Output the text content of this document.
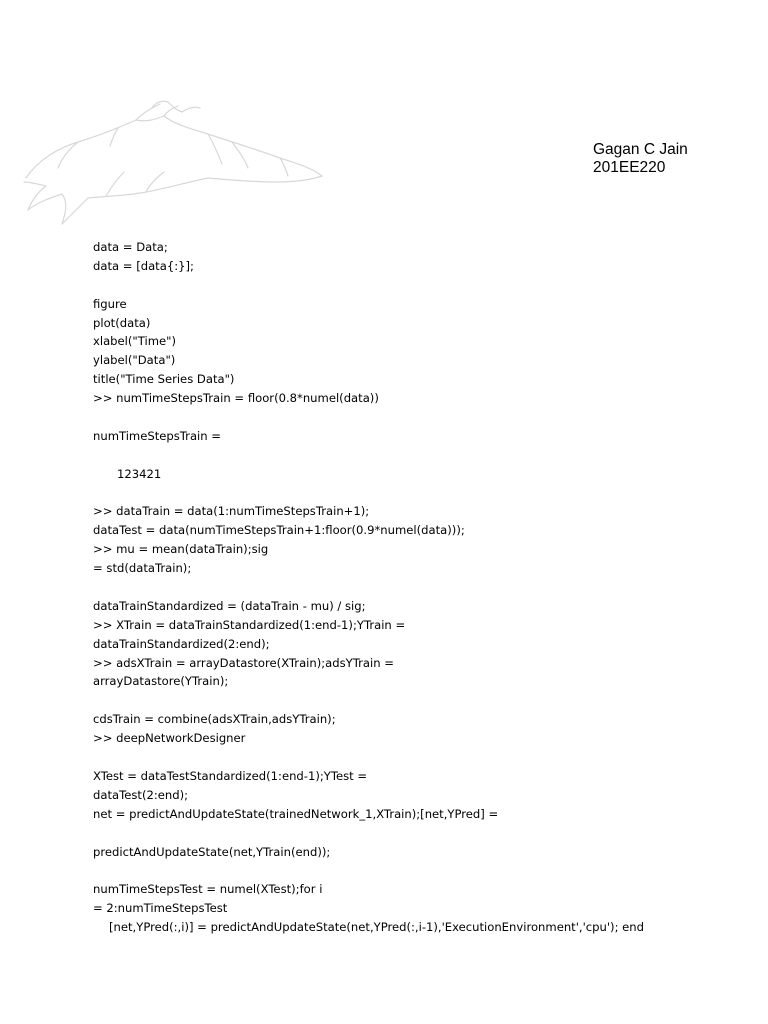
Gagan C Jain
201EE220
data = Data;
data = [data{:}];
figure
plot(data)
xlabel("Time")
ylabel("Data")
title("Time Series Data")
>> numTimeStepsTrain = floor(0.8*numel(data))
numTimeStepsTrain =
123421
>> dataTrain = data(1:numTimeStepsTrain+1);
dataTest = data(numTimeStepsTrain+1:floor(0.9*numel(data)));
>> mu = mean(dataTrain);sig
= std(dataTrain);
dataTrainStandardized = (dataTrain - mu) / sig;
>> XTrain = dataTrainStandardized(1:end-1);YTrain =
dataTrainStandardized(2:end);
>> adsXTrain = arrayDatastore(XTrain);adsYTrain =
arrayDatastore(YTrain);
cdsTrain = combine(adsXTrain,adsYTrain);
>> deepNetworkDesigner
XTest = dataTestStandardized(1:end-1);YTest =
dataTest(2:end);
net = predictAndUpdateState(trainedNetwork_1,XTrain);[net,YPred] =
predictAndUpdateState(net,YTrain(end));
numTimeStepsTest = numel(XTest);for i
= 2:numTimeStepsTest
[net,YPred(:,i)] = predictAndUpdateState(net,YPred(:,i-1),'ExecutionEnvironment','cpu'); end
